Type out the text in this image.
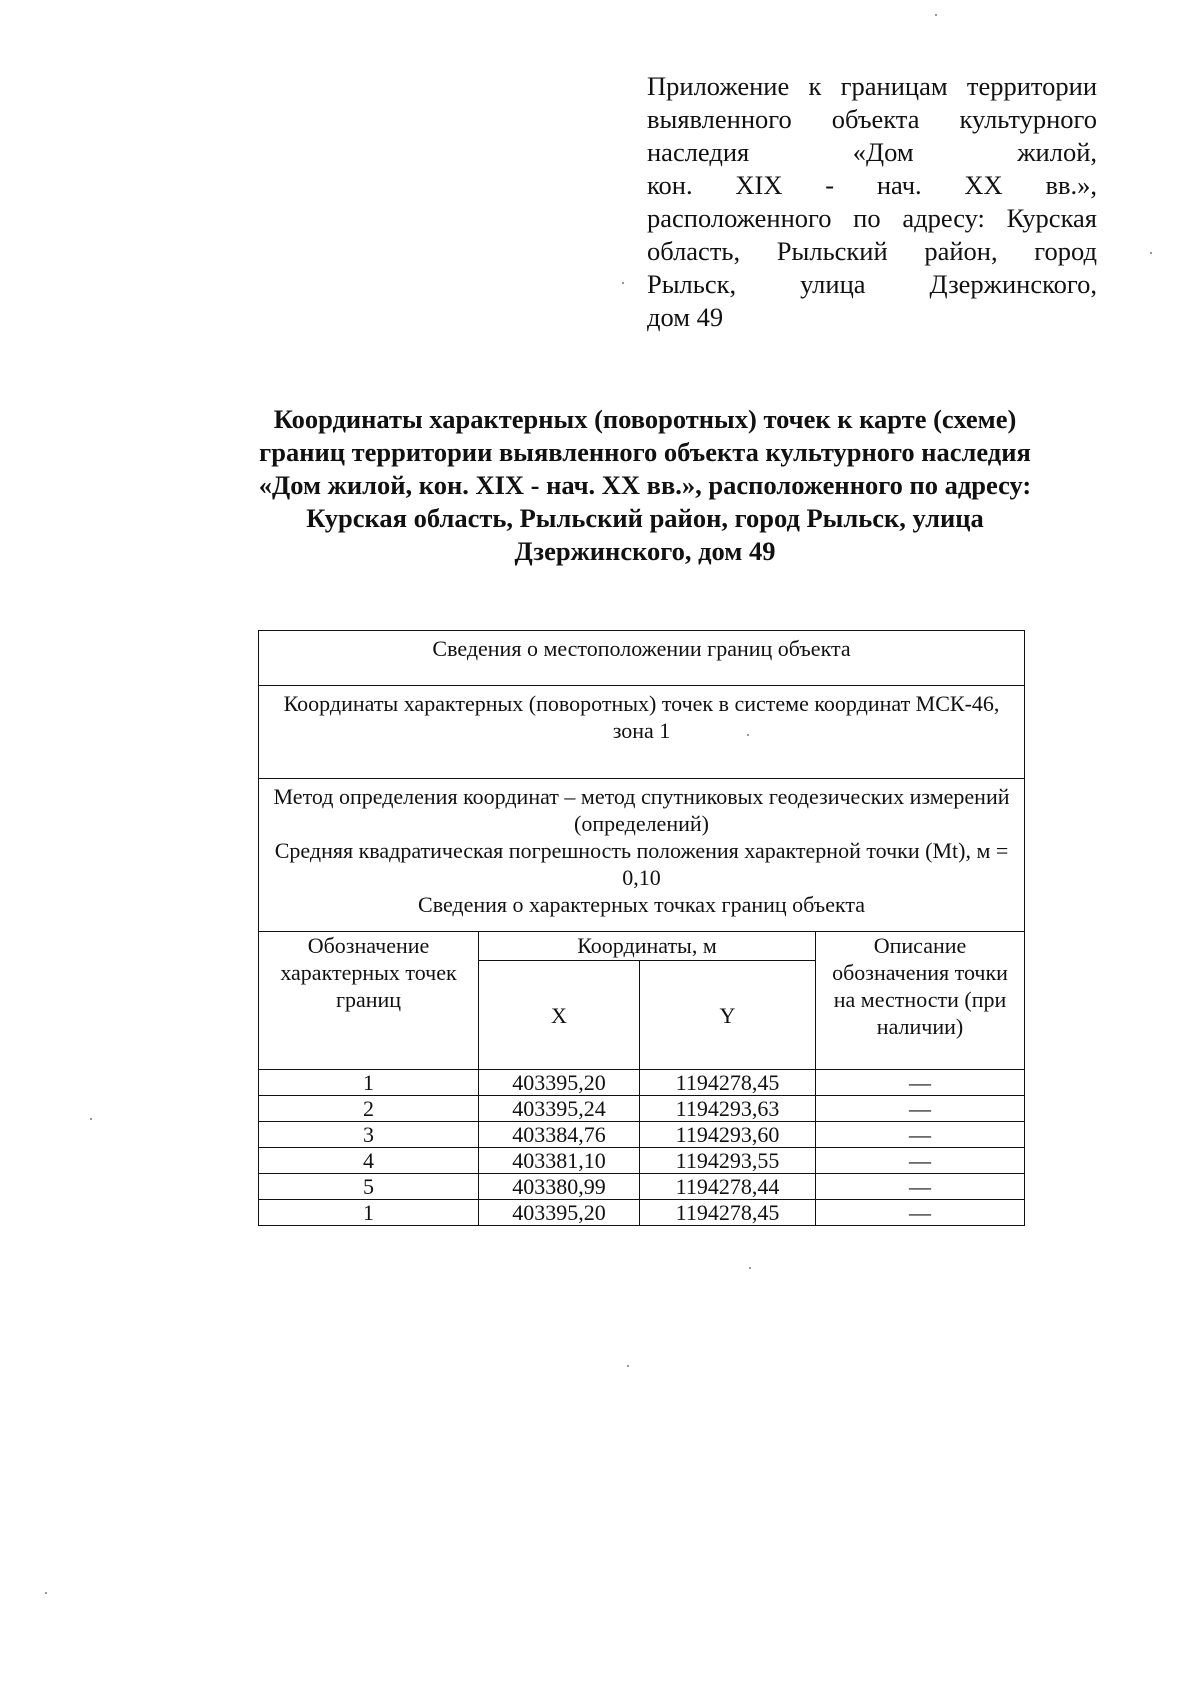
Приложение к границам территории
выявленного объекта культурного
наследия «Дом жилой,
кон. XIX - нач. XX вв.»,
расположенного по адресу: Курская
область, Рыльский район, город
Рыльск, улица Дзержинского,
дом 49
Координаты характерных (поворотных) точек к карте (схеме)
границ территории выявленного объекта культурного наследия
«Дом жилой, кон. XIX - нач. XX вв.», расположенного по адресу:
Курская область, Рыльский район, город Рыльск, улица
Дзержинского, дом 49
Сведения о местоположении границ объекта			
Координаты характерных (поворотных) точек в системе координат МСК-46, зона 1			

Метод определения координат – метод спутниковых геодезических измерений (определений)
Средняя квадратическая погрешность положения характерной точки (Mt), м = 0,10
Сведения о характерных точках границ объекта			

Обозначение характерных точек границ	Координаты, м		Описание обозначения точки на местности (при наличии)
	X	Y	
1	403395,20	1194278,45	—
2	403395,24	1194293,63	—
3	403384,76	1194293,60	—
4	403381,10	1194293,55	—
5	403380,99	1194278,44	—
1	403395,20	1194278,45	—
